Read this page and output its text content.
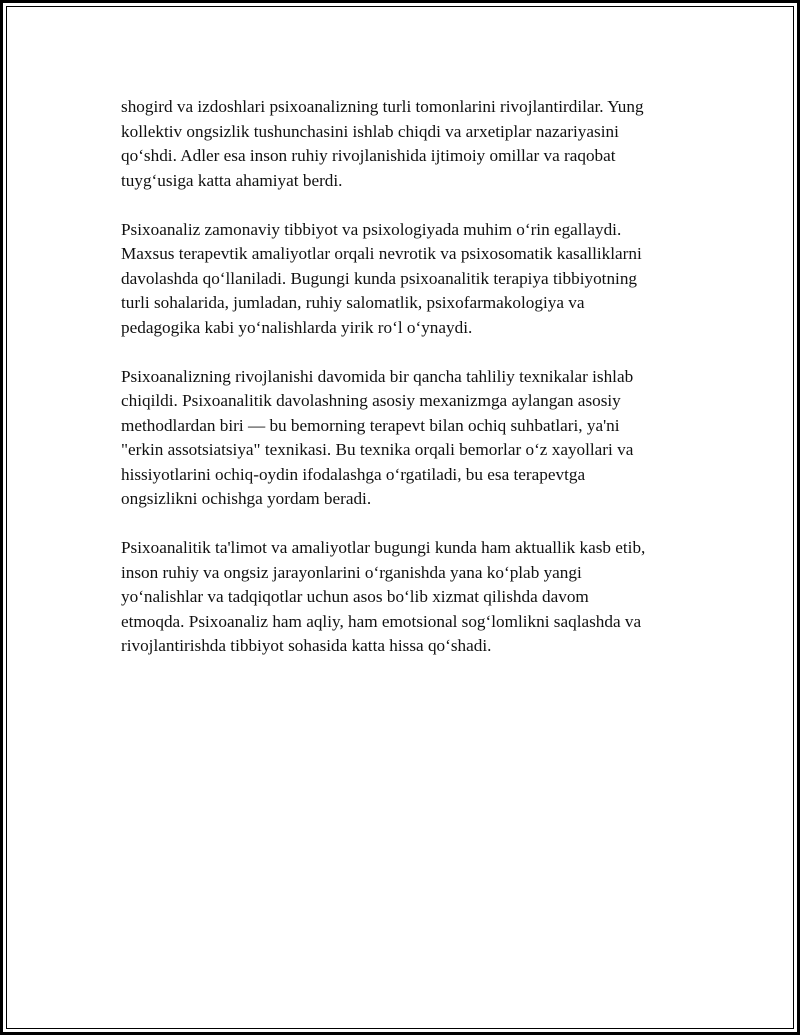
shogird va izdoshlari psixoanalizning turli tomonlarini rivojlantirdilar. Yung
kollektiv ongsizlik tushunchasini ishlab chiqdi va arxetiplar nazariyasini
qo‘shdi. Adler esa inson ruhiy rivojlanishida ijtimoiy omillar va raqobat
tuyg‘usiga katta ahamiyat berdi.

Psixoanaliz zamonaviy tibbiyot va psixologiyada muhim o‘rin egallaydi.
Maxsus terapevtik amaliyotlar orqali nevrotik va psixosomatik kasalliklarni
davolashda qo‘llaniladi. Bugungi kunda psixoanalitik terapiya tibbiyotning
turli sohalarida, jumladan, ruhiy salomatlik, psixofarmakologiya va
pedagogika kabi yo‘nalishlarda yirik ro‘l o‘ynaydi.

Psixoanalizning rivojlanishi davomida bir qancha tahliliy texnikalar ishlab
chiqildi. Psixoanalitik davolashning asosiy mexanizmga aylangan asosiy
methodlardan biri — bu bemorning terapevt bilan ochiq suhbatlari, ya'ni
"erkin assotsiatsiya" texnikasi. Bu texnika orqali bemorlar o‘z xayollari va
hissiyotlarini ochiq-oydin ifodalashga o‘rgatiladi, bu esa terapevtga
ongsizlikni ochishga yordam beradi.

Psixoanalitik ta'limot va amaliyotlar bugungi kunda ham aktuallik kasb etib,
inson ruhiy va ongsiz jarayonlarini o‘rganishda yana ko‘plab yangi
yo‘nalishlar va tadqiqotlar uchun asos bo‘lib xizmat qilishda davom
etmoqda. Psixoanaliz ham aqliy, ham emotsional sog‘lomlikni saqlashda va
rivojlantirishda tibbiyot sohasida katta hissa qo‘shadi.
